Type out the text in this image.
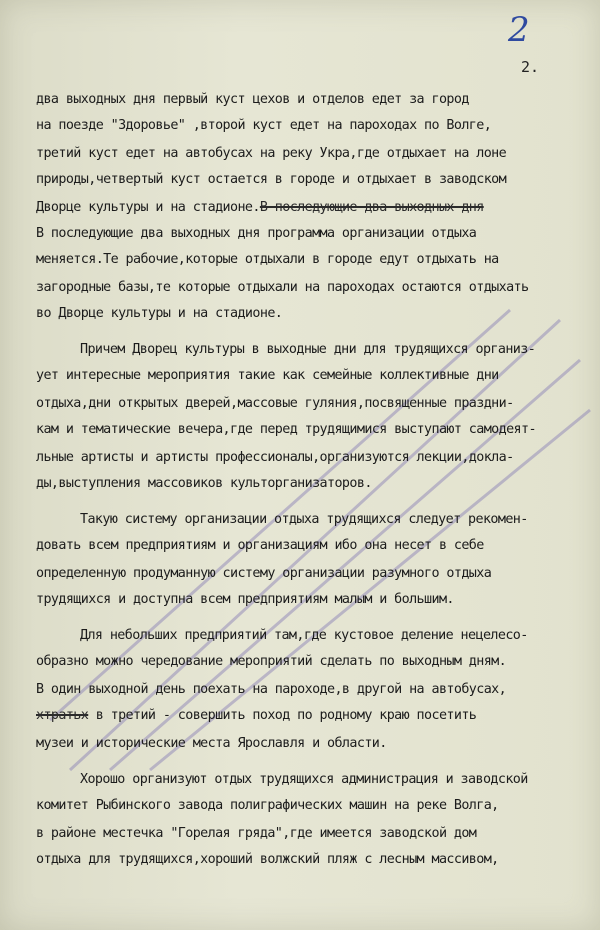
2
2.
два выходных дня первый куст цехов и отделов едет за город
на поезде "Здоровье" ,второй куст едет на пароходах по Волге,
третий куст едет на автобусах на реку Укра,где отдыхает на лоне
природы,четвертый куст остается в городе и отдыхает в заводском
Дворце культуры и на стадионе.В последующие два выходных дня
В последующие два выходных дня программа организации отдыха
меняется.Те рабочие,которые отдыхали в городе едут отдыхать на
загородные базы,те которые отдыхали на пароходах остаются отдыхать
во Дворце культуры и на стадионе.
Причем Дворец культуры в выходные дни для трудящихся организ-
ует интересные мероприятия такие как семейные коллективные дни
отдыха,дни открытых дверей,массовые гуляния,посвященные праздни-
кам и тематические вечера,где перед трудящимися выступают самодеят-
льные артисты и артисты профессионалы,организуются лекции,доклa-
ды,выступления массовиков культорганизаторов.
Такую систему организации отдыха трудящихся следует рекомен-
довать всем предприятиям и организациям ибо она несет в себе
определенную продуманную систему организации разумного отдыха
трудящихся и доступна всем предприятиям малым и большим.
Для небольших предприятий там,где кустовое деление нецелесо-
образно можно чередование мероприятий сделать по выходным дням.
В один выходной день поехать на пароходе,в другой на автобусах,
хтратьх в третий - совершить поход по родному краю посетить
музеи и исторические места Ярославля и области.
Хорошо организуют отдых трудящихся администрация и заводской
комитет Рыбинского завода полиграфических машин на реке Волга,
в районе местечка "Горелая гряда",где имеется заводской дом
отдыха для трудящихся,хороший волжский пляж с лесным массивом,
